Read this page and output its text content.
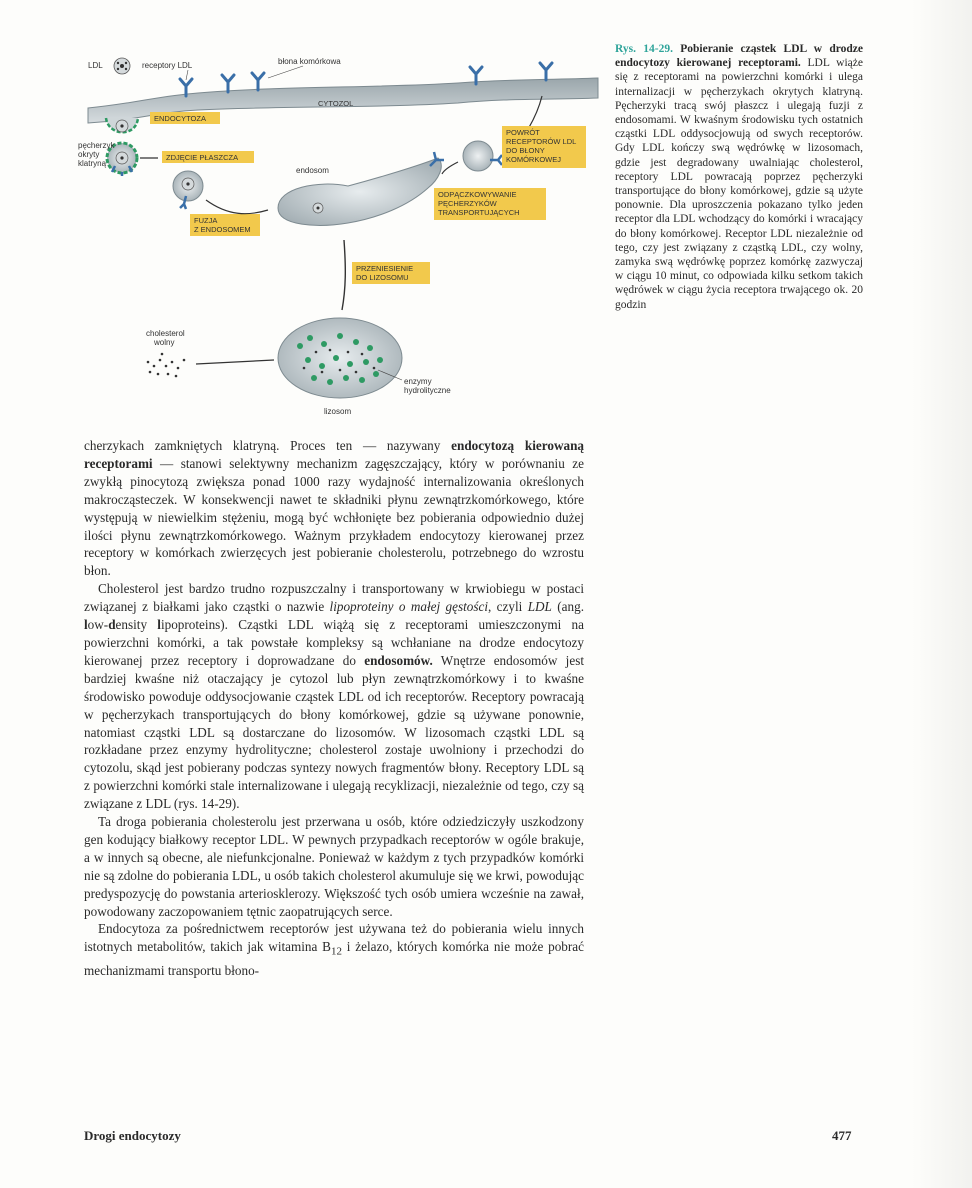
LDL	receptory LDL	błona komórkowa
CYTOZOL
ENDOCYTOZA
pęcherzyk
okryty
klatryną
ZDJĘCIE PŁASZCZA
FUZJA
Z ENDOSOMEM
endosom
POWRÓT
RECEPTORÓW LDL
DO BŁONY
KOMÓRKOWEJ
ODPĄCZKOWYWANIE
PĘCHERZYKÓW
TRANSPORTUJĄCYCH
PRZENIESIENIE
DO LIZOSOMU
lizosom
cholesterol
wolny
enzymy
hydrolityczne
Rys. 14-29. Pobieranie cząstek LDL w drodze endocytozy kierowanej receptorami. LDL wiąże się z receptorami na powierzchni komórki i ulega internalizacji w pęcherzykach okrytych klatryną. Pęcherzyki tracą swój płaszcz i ulegają fuzji z endosomami. W kwaśnym środowisku tych ostatnich cząstki LDL oddysocjowują od swych receptorów. Gdy LDL kończy swą wędrówkę w lizosomach, gdzie jest degradowany uwalniając cholesterol, receptory LDL powracają poprzez pęcherzyki transportujące do błony komórkowej, gdzie są użyte ponownie. Dla uproszczenia pokazano tylko jeden receptor dla LDL wchodzący do komórki i wracający do błony komórkowej. Receptor LDL niezależnie od tego, czy jest związany z cząstką LDL, czy wolny, zamyka swą wędrówkę poprzez komórkę zazwyczaj w ciągu 10 minut, co odpowiada kilku setkom takich wędrówek w ciągu życia receptora trwającego ok. 20 godzin

cherzykach zamkniętych klatryną. Proces ten — nazywany endocytozą kierowaną receptorami — stanowi selektywny mechanizm zagęszczający, który w porównaniu ze zwykłą pinocytozą zwiększa ponad 1000 razy wydajność internalizowania określonych makrocząsteczek. W konsekwencji nawet te składniki płynu zewnątrzkomórkowego, które występują w niewielkim stężeniu, mogą być wchłonięte bez pobierania odpowiednio dużej ilości płynu zewnątrzkomórkowego. Ważnym przykładem endocytozy kierowanej przez receptory w komórkach zwierzęcych jest pobieranie cholesterolu, potrzebnego do wzrostu błon.

Cholesterol jest bardzo trudno rozpuszczalny i transportowany w krwiobiegu w postaci związanej z białkami jako cząstki o nazwie lipoproteiny o małej gęstości, czyli LDL (ang. low-density lipoproteins). Cząstki LDL wiążą się z receptorami umieszczonymi na powierzchni komórki, a tak powstałe kompleksy są wchłaniane na drodze endocytozy kierowanej przez receptory i doprowadzane do endosomów. Wnętrze endosomów jest bardziej kwaśne niż otaczający je cytozol lub płyn zewnątrzkomórkowy i to kwaśne środowisko powoduje oddysocjowanie cząstek LDL od ich receptorów. Receptory powracają w pęcherzykach transportujących do błony komórkowej, gdzie są używane ponownie, natomiast cząstki LDL są dostarczane do lizosomów. W lizosomach cząstki LDL są rozkładane przez enzymy hydrolityczne; cholesterol zostaje uwolniony i przechodzi do cytozolu, skąd jest pobierany podczas syntezy nowych fragmentów błony. Receptory LDL są z powierzchni komórki stale internalizowane i ulegają recyklizacji, niezależnie od tego, czy są związane z LDL (rys. 14-29).

Ta droga pobierania cholesterolu jest przerwana u osób, które odziedziczyły uszkodzony gen kodujący białkowy receptor LDL. W pewnych przypadkach receptorów w ogóle brakuje, a w innych są obecne, ale niefunkcjonalne. Ponieważ w każdym z tych przypadków komórki nie są zdolne do pobierania LDL, u osób takich cholesterol akumuluje się we krwi, powodując predyspozycję do powstania arteriosklerozy. Większość tych osób umiera wcześnie na zawał, powodowany zaczopowaniem tętnic zaopatrujących serce.

Endocytoza za pośrednictwem receptorów jest używana też do pobierania wielu innych istotnych metabolitów, takich jak witamina $B_{12}$ i żelazo, których komórka nie może pobrać mechanizmami transportu błono-

Drogi endocytozy	477
